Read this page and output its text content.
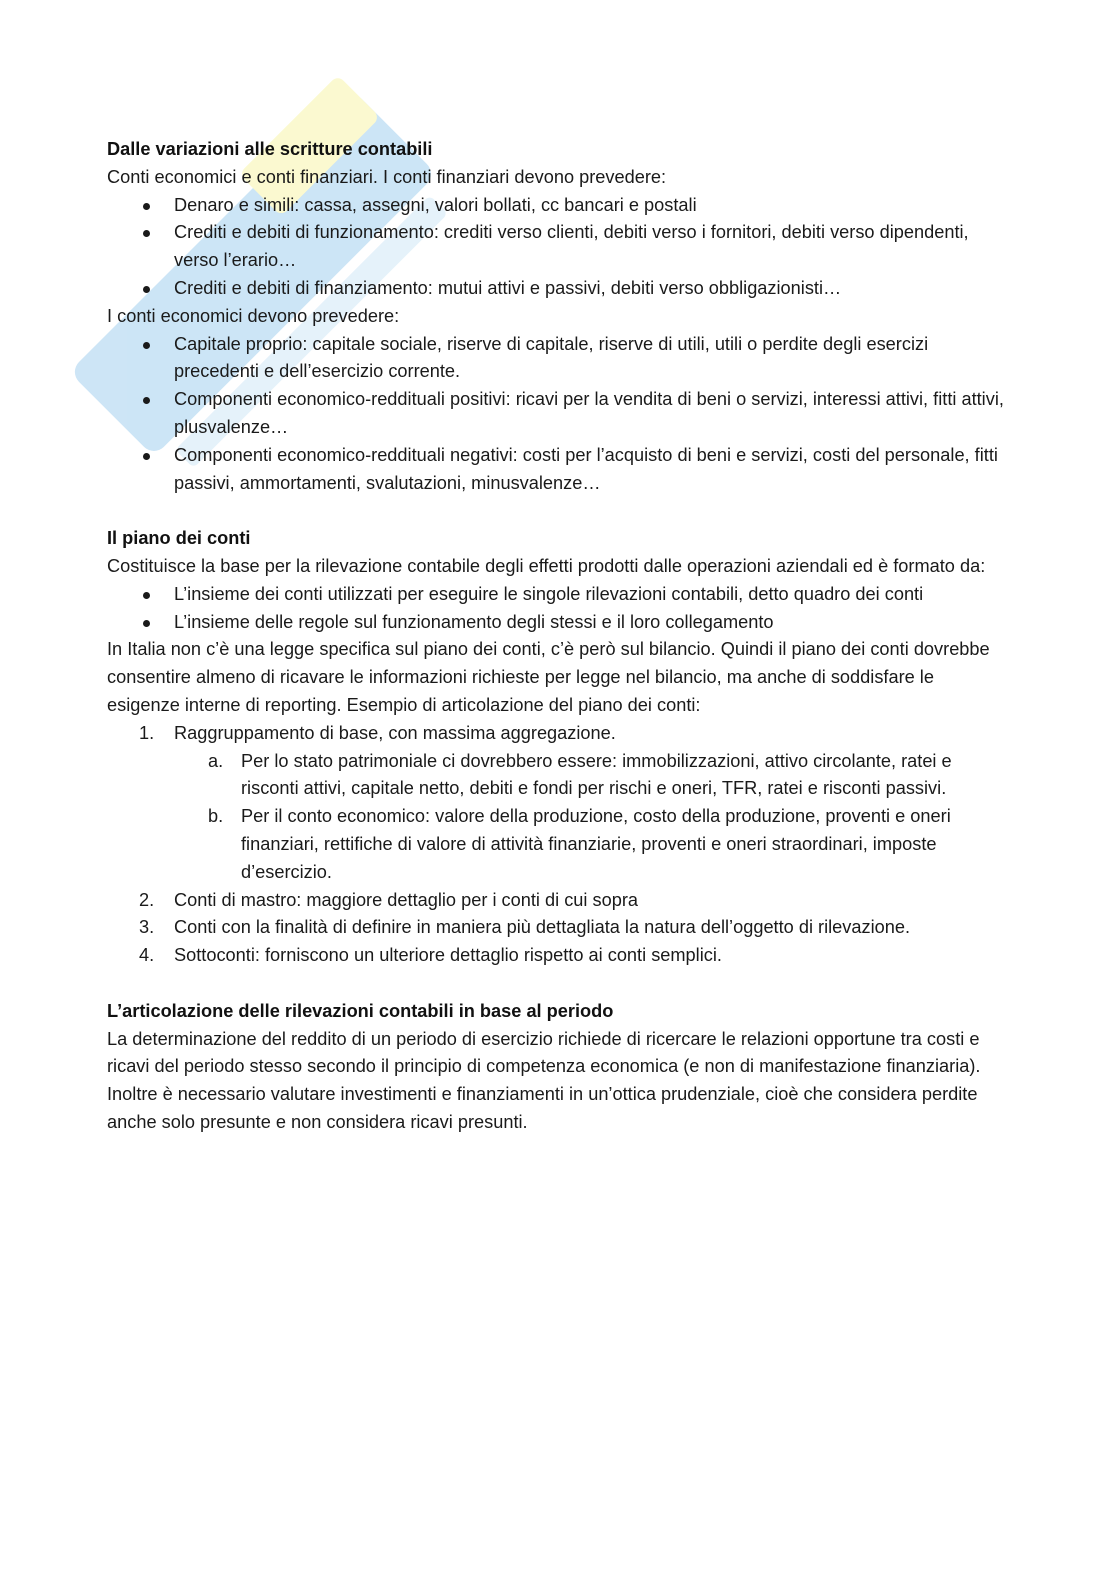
Dalle variazioni alle scritture contabili

Conti economici e conti finanziari. I conti finanziari devono prevedere:

Denaro e simili: cassa, assegni, valori bollati, cc bancari e postali
Crediti e debiti di funzionamento: crediti verso clienti, debiti verso i fornitori, debiti verso dipendenti, verso l’erario…
Crediti e debiti di finanziamento: mutui attivi e passivi, debiti verso obbligazionisti…

I conti economici devono prevedere:

Capitale proprio: capitale sociale, riserve di capitale, riserve di utili, utili o perdite degli esercizi precedenti e dell’esercizio corrente.
Componenti economico-reddituali positivi: ricavi per la vendita di beni o servizi, interessi attivi, fitti attivi, plusvalenze…
Componenti economico-reddituali negativi: costi per l’acquisto di beni e servizi, costi del personale, fitti passivi, ammortamenti, svalutazioni, minusvalenze…
Il piano dei conti

Costituisce la base per la rilevazione contabile degli effetti prodotti dalle operazioni aziendali ed è formato da:

L’insieme dei conti utilizzati per eseguire le singole rilevazioni contabili, detto quadro dei conti
L’insieme delle regole sul funzionamento degli stessi e il loro collegamento

In Italia non c’è una legge specifica sul piano dei conti, c’è però sul bilancio. Quindi il piano dei conti dovrebbe consentire almeno di ricavare le informazioni richieste per legge nel bilancio, ma anche di soddisfare le esigenze interne di reporting. Esempio di articolazione del piano dei conti:

1. Raggruppamento di base, con massima aggregazione.
a. Per lo stato patrimoniale ci dovrebbero essere: immobilizzazioni, attivo circolante, ratei e risconti attivi, capitale netto, debiti e fondi per rischi e oneri, TFR, ratei e risconti passivi.
b. Per il conto economico: valore della produzione, costo della produzione, proventi e oneri finanziari, rettifiche di valore di attività finanziarie, proventi e oneri straordinari, imposte d’esercizio.
2. Conti di mastro: maggiore dettaglio per i conti di cui sopra
3. Conti con la finalità di definire in maniera più dettagliata la natura dell’oggetto di rilevazione.
4. Sottoconti: forniscono un ulteriore dettaglio rispetto ai conti semplici.
L’articolazione delle rilevazioni contabili in base al periodo

La determinazione del reddito di un periodo di esercizio richiede di ricercare le relazioni opportune tra costi e ricavi del periodo stesso secondo il principio di competenza economica (e non di manifestazione finanziaria). Inoltre è necessario valutare investimenti e finanziamenti in un’ottica prudenziale, cioè che considera perdite anche solo presunte e non considera ricavi presunti.
